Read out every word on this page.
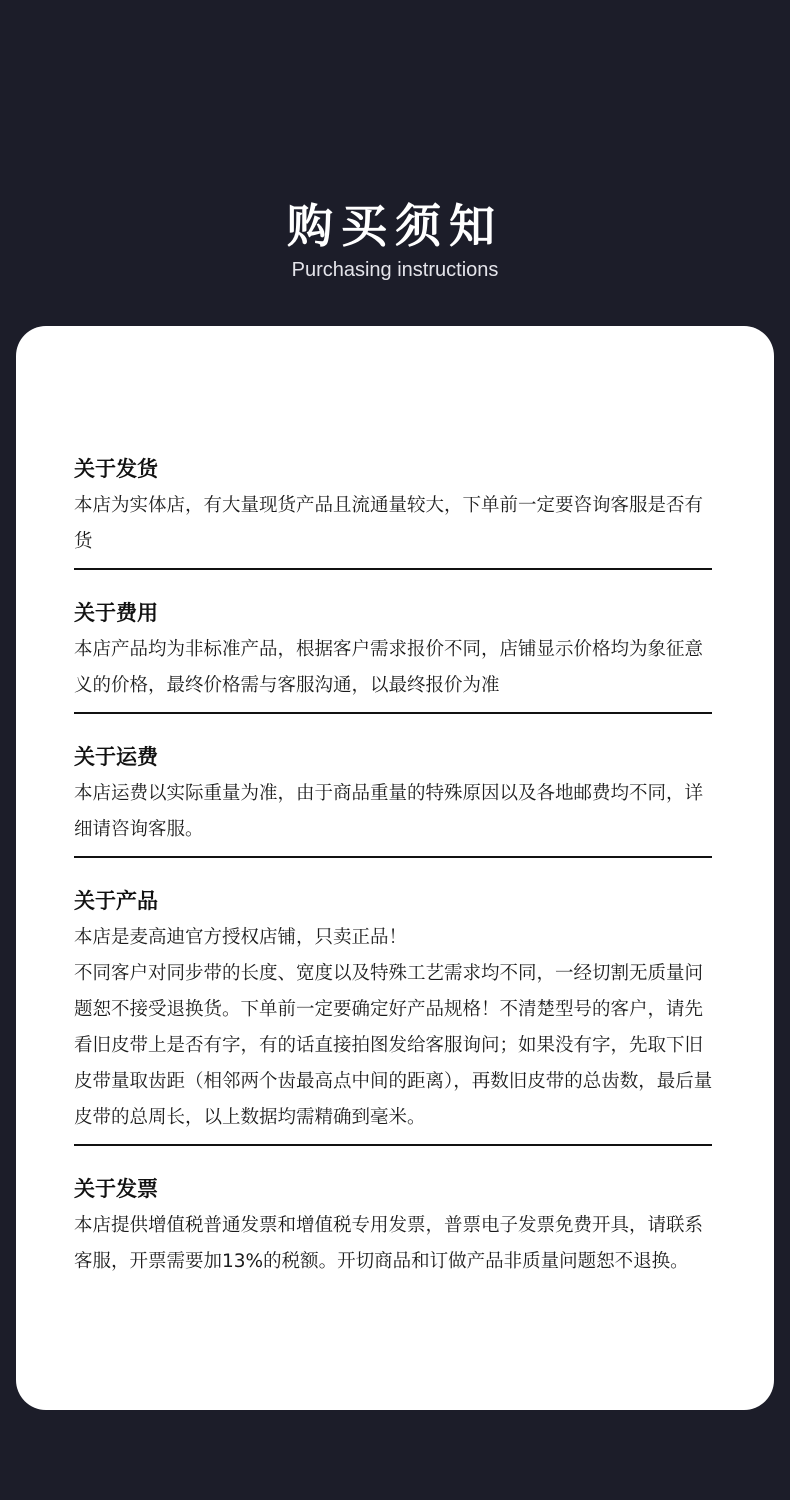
购买须知
Purchasing instructions
关于发货
本店为实体店，有大量现货产品且流通量较大，下单前一定要咨询客服是否有货
关于费用
本店产品均为非标准产品，根据客户需求报价不同，店铺显示价格均为象征意义的价格，最终价格需与客服沟通，以最终报价为准
关于运费
本店运费以实际重量为准，由于商品重量的特殊原因以及各地邮费均不同，详细请咨询客服。
关于产品
本店是麦高迪官方授权店铺，只卖正品！
不同客户对同步带的长度、宽度以及特殊工艺需求均不同，一经切割无质量问题恕不接受退换货。下单前一定要确定好产品规格！不清楚型号的客户，请先看旧皮带上是否有字，有的话直接拍图发给客服询问；如果没有字，先取下旧皮带量取齿距（相邻两个齿最高点中间的距离），再数旧皮带的总齿数，最后量皮带的总周长，以上数据均需精确到毫米。
关于发票
本店提供增值税普通发票和增值税专用发票，普票电子发票免费开具，请联系客服，开票需要加13%的税额。开切商品和订做产品非质量问题恕不退换。
